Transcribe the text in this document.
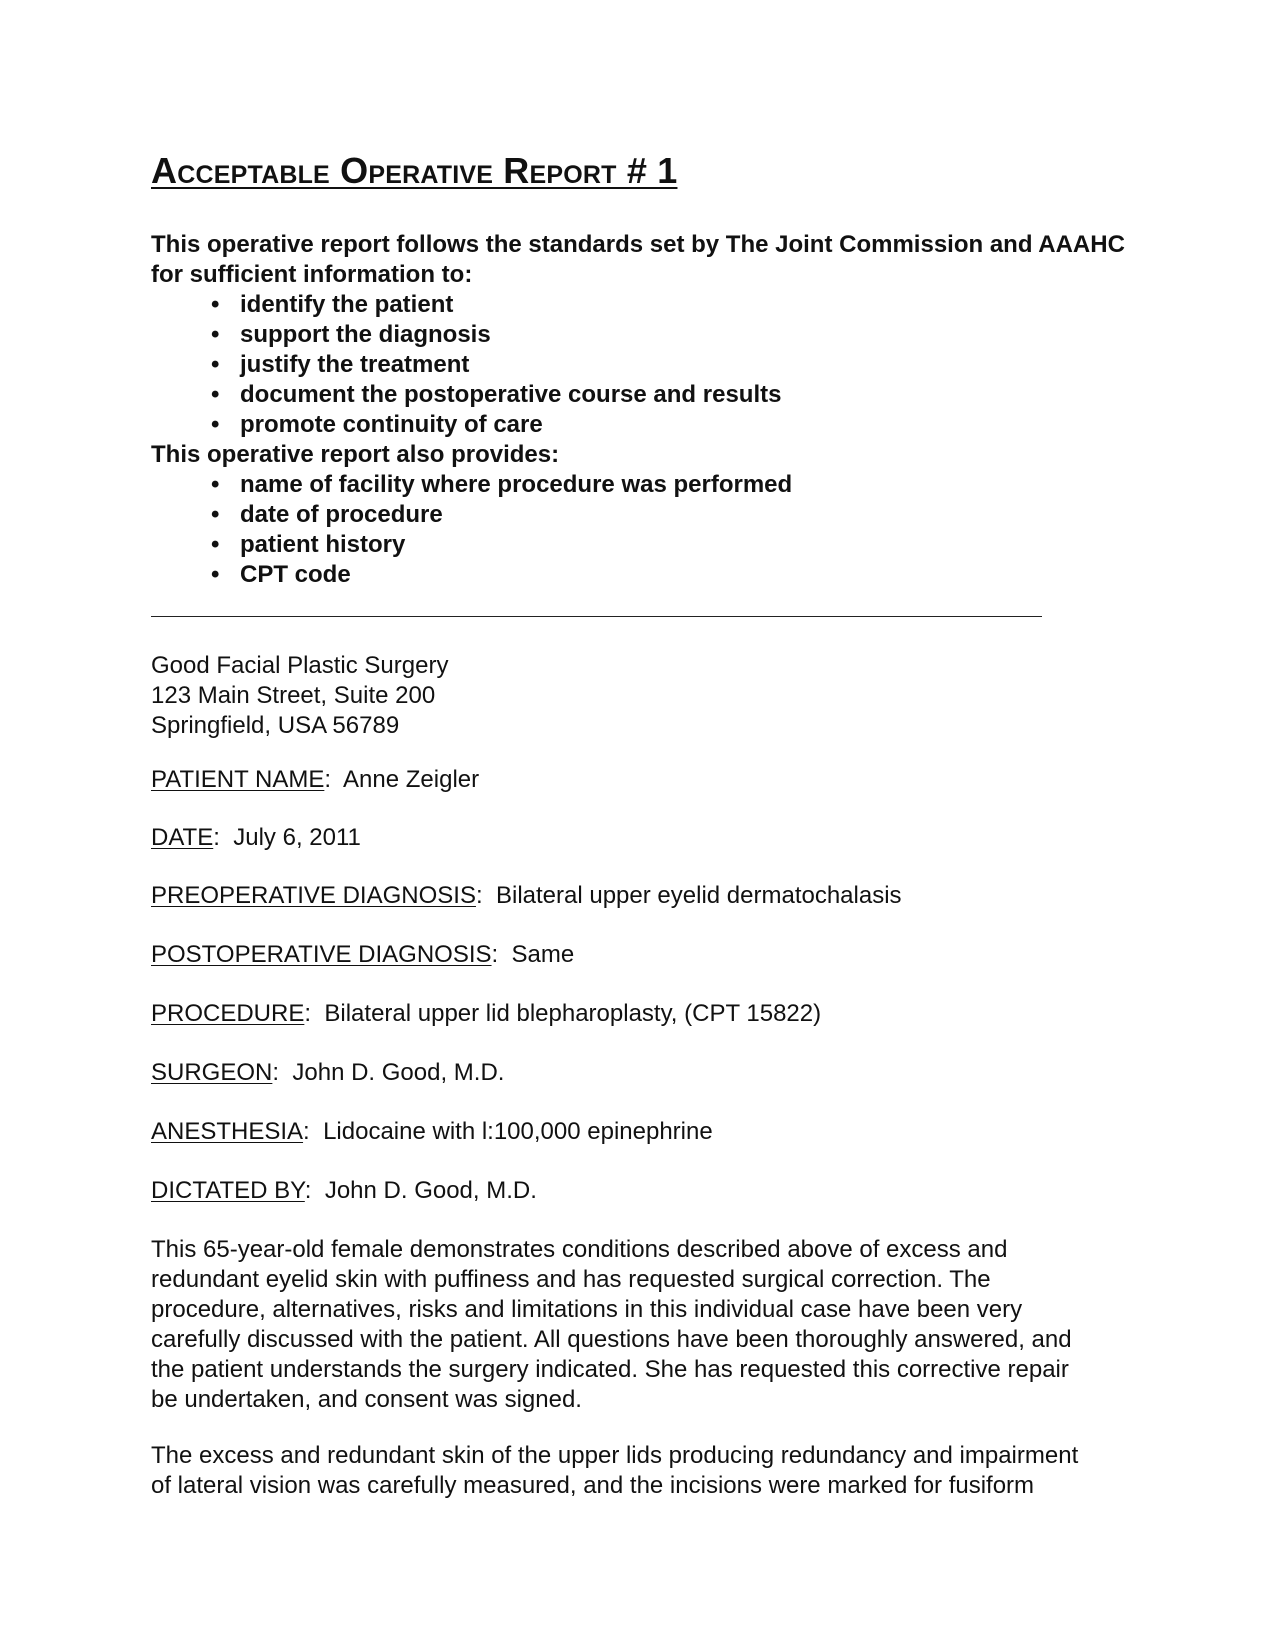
Acceptable Operative Report # 1

This operative report follows the standards set by The Joint Commission and AAAHC for sufficient information to:

• identify the patient
• support the diagnosis
• justify the treatment
• document the postoperative course and results
• promote continuity of care

This operative report also provides:

• name of facility where procedure was performed
• date of procedure
• patient history
• CPT code
Good Facial Plastic Surgery
123 Main Street, Suite 200
Springfield, USA 56789
PATIENT NAME:  Anne Zeigler
DATE:  July 6, 2011
PREOPERATIVE DIAGNOSIS:  Bilateral upper eyelid dermatochalasis
POSTOPERATIVE DIAGNOSIS:  Same
PROCEDURE:  Bilateral upper lid blepharoplasty, (CPT 15822)
SURGEON:  John D. Good, M.D.
ANESTHESIA:  Lidocaine with l:100,000 epinephrine
DICTATED BY:  John D. Good, M.D.
This 65-year-old female demonstrates conditions described above of excess and
redundant eyelid skin with puffiness and has requested surgical correction. The
procedure, alternatives, risks and limitations in this individual case have been very
carefully discussed with the patient. All questions have been thoroughly answered, and
the patient understands the surgery indicated. She has requested this corrective repair
be undertaken, and consent was signed.
The excess and redundant skin of the upper lids producing redundancy and impairment
of lateral vision was carefully measured, and the incisions were marked for fusiform
